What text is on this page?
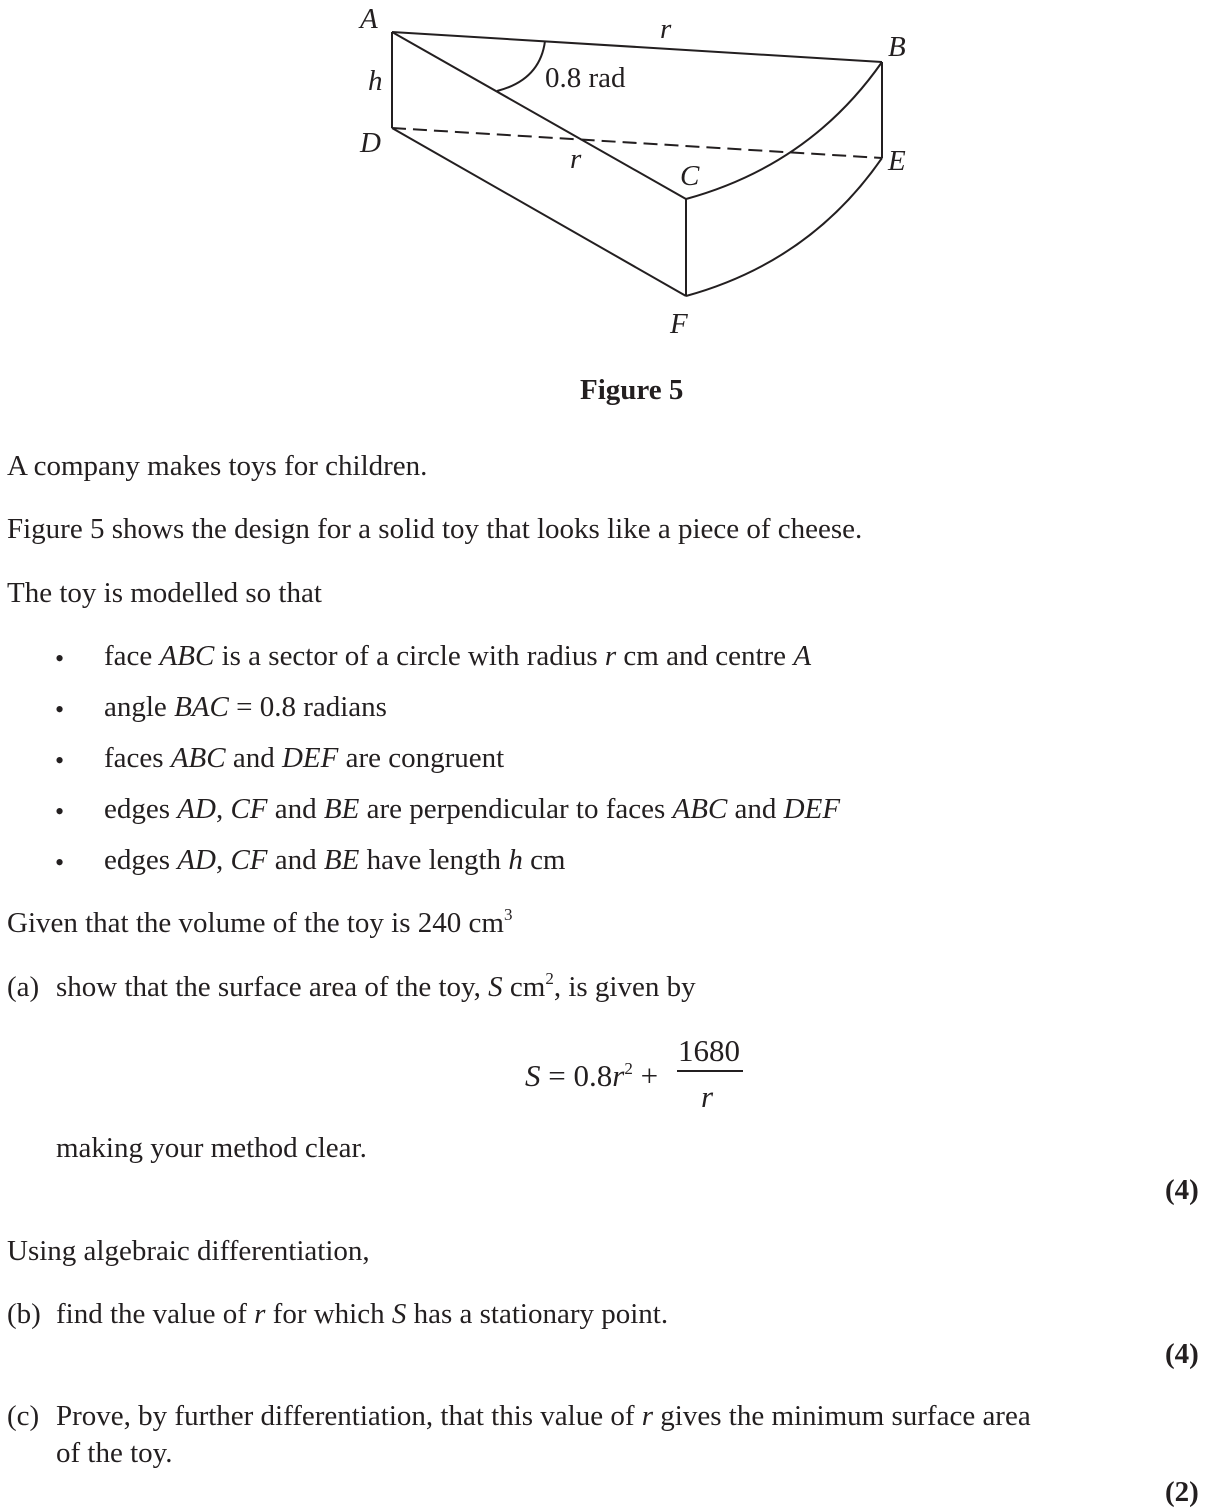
A
B
C
D
E
F
h
r
r
0.8 rad
Figure 5
A company makes toys for children.
Figure 5 shows the design for a solid toy that looks like a piece of cheese.
The toy is modelled so that
• face ABC is a sector of a circle with radius r cm and centre A
• angle BAC = 0.8 radians
• faces ABC and DEF are congruent
• edges AD, CF and BE are perpendicular to faces ABC and DEF
• edges AD, CF and BE have length h cm
Given that the volume of the toy is 240 $cm^3$
(a) show that the surface area of the toy, S $cm^2$, is given by
$S = 0.8r^2$ +
1680
r
making your method clear.
(4)
Using algebraic differentiation,
(b) find the value of r for which S has a stationary point.
(4)
(c) Prove, by further differentiation, that this value of r gives the minimum surface area
of the toy.
(2)
